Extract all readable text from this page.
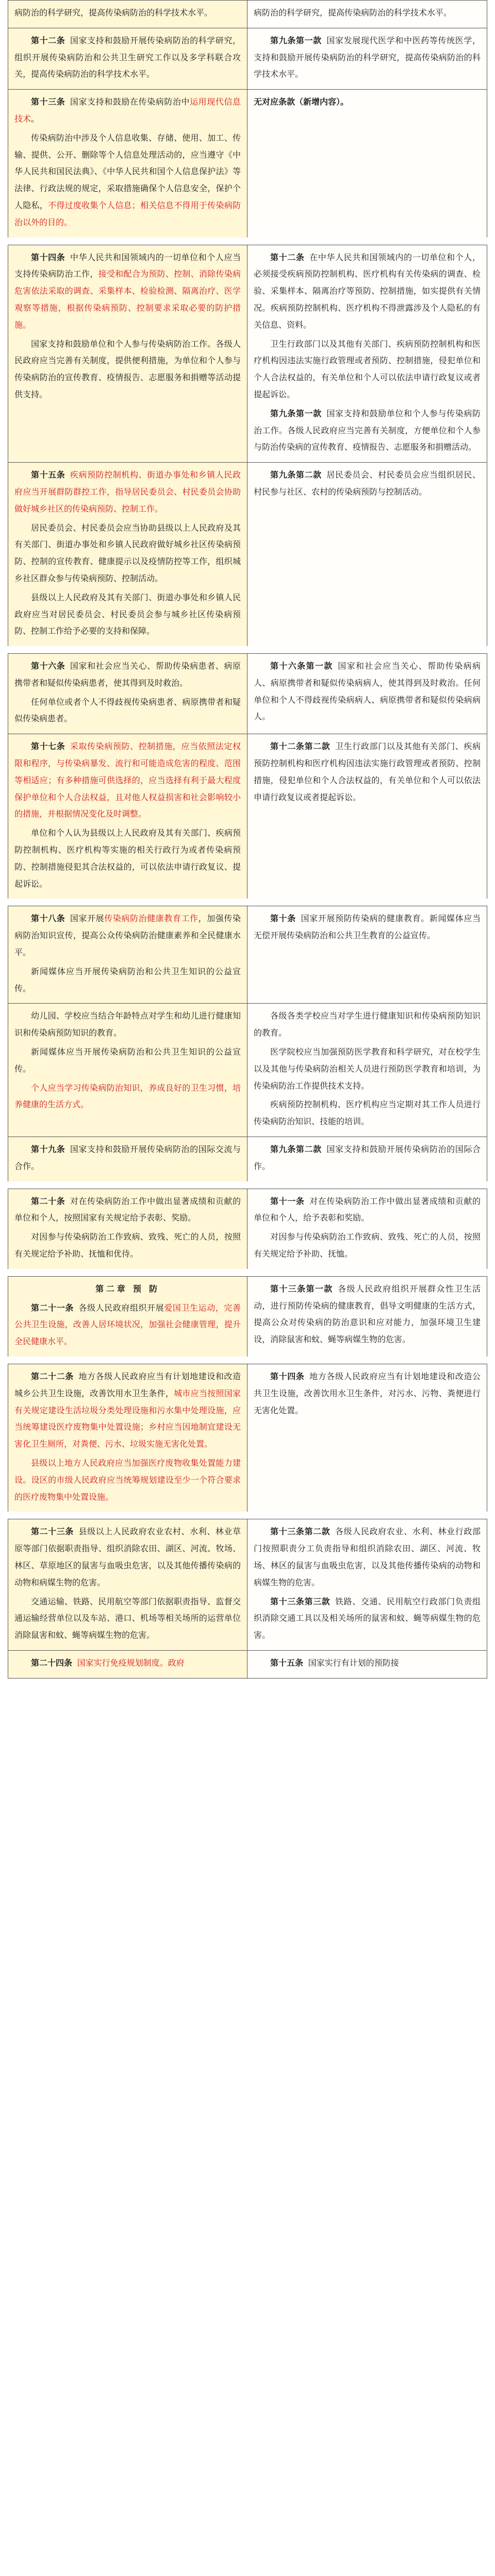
病防治的科学研究，提高传染病防治的科学技术水平。	病防治的科学研究，提高传染病防治的科学技术水平。

第十二条 国家支持和鼓励开展传染病防治的科学研究，组织开展传染病防治和公共卫生研究工作以及多学科联合攻关，提高传染病防治的科学技术水平。

第九条第一款 国家发展现代医学和中医药等传统医学，支持和鼓励开展传染病防治的科学研究，提高传染病防治的科学技术水平。

第十三条 国家支持和鼓励在传染病防治中运用现代信息技术。

传染病防治中涉及个人信息收集、存储、使用、加工、传输、提供、公开、删除等个人信息处理活动的，应当遵守《中华人民共和国民法典》、《中华人民共和国个人信息保护法》等法律、行政法规的规定，采取措施确保个人信息安全，保护个人隐私，不得过度收集个人信息；相关信息不得用于传染病防治以外的目的。

无对应条款（新增内容）。

第十四条 中华人民共和国领域内的一切单位和个人应当支持传染病防治工作，接受和配合为预防、控制、消除传染病危害依法采取的调查、采集样本、检验检测、隔离治疗、医学观察等措施，根据传染病预防、控制要求采取必要的防护措施。

国家支持和鼓励单位和个人参与传染病防治工作。各级人民政府应当完善有关制度，提供便利措施，为单位和个人参与传染病防治的宣传教育、疫情报告、志愿服务和捐赠等活动提供支持。

第十二条 在中华人民共和国领域内的一切单位和个人，必须接受疾病预防控制机构、医疗机构有关传染病的调查、检验、采集样本、隔离治疗等预防、控制措施，如实提供有关情况。疾病预防控制机构、医疗机构不得泄露涉及个人隐私的有关信息、资料。

卫生行政部门以及其他有关部门、疾病预防控制机构和医疗机构因违法实施行政管理或者预防、控制措施，侵犯单位和个人合法权益的，有关单位和个人可以依法申请行政复议或者提起诉讼。

第九条第一款 国家支持和鼓励单位和个人参与传染病防治工作。各级人民政府应当完善有关制度，方便单位和个人参与防治传染病的宣传教育、疫情报告、志愿服务和捐赠活动。

第十五条 疾病预防控制机构、街道办事处和乡镇人民政府应当开展群防群控工作，指导居民委员会、村民委员会协助做好城乡社区的传染病预防、控制工作。

居民委员会、村民委员会应当协助县级以上人民政府及其有关部门、街道办事处和乡镇人民政府做好城乡社区传染病预防、控制的宣传教育、健康提示以及疫情防控等工作，组织城乡社区群众参与传染病预防、控制活动。

县级以上人民政府及其有关部门、街道办事处和乡镇人民政府应当对居民委员会、村民委员会参与城乡社区传染病预防、控制工作给予必要的支持和保障。

第九条第二款 居民委员会、村民委员会应当组织居民、村民参与社区、农村的传染病预防与控制活动。

第十六条 国家和社会应当关心、帮助传染病患者、病原携带者和疑似传染病患者，使其得到及时救治。

任何单位或者个人不得歧视传染病患者、病原携带者和疑似传染病患者。

第十六条第一款 国家和社会应当关心、帮助传染病病人、病原携带者和疑似传染病病人，使其得到及时救治。任何单位和个人不得歧视传染病病人、病原携带者和疑似传染病病人。

第十七条 采取传染病预防、控制措施，应当依照法定权限和程序，与传染病暴发、流行和可能造成危害的程度、范围等相适应；有多种措施可供选择的，应当选择有利于最大程度保护单位和个人合法权益，且对他人权益损害和社会影响较小的措施，并根据情况变化及时调整。

单位和个人认为县级以上人民政府及其有关部门、疾病预防控制机构、医疗机构等实施的相关行政行为或者传染病预防、控制措施侵犯其合法权益的，可以依法申请行政复议、提起诉讼。

第十二条第二款 卫生行政部门以及其他有关部门、疾病预防控制机构和医疗机构因违法实施行政管理或者预防、控制措施，侵犯单位和个人合法权益的，有关单位和个人可以依法申请行政复议或者提起诉讼。

第十八条 国家开展传染病防治健康教育工作，加强传染病防治知识宣传，提高公众传染病防治健康素养和全民健康水平。

新闻媒体应当开展传染病防治和公共卫生知识的公益宣传。

第十条 国家开展预防传染病的健康教育。新闻媒体应当无偿开展传染病防治和公共卫生教育的公益宣传。

幼儿园、学校应当结合年龄特点对学生和幼儿进行健康知识和传染病预防知识的教育。

新闻媒体应当开展传染病防治和公共卫生知识的公益宣传。

个人应当学习传染病防治知识，养成良好的卫生习惯，培养健康的生活方式。

各级各类学校应当对学生进行健康知识和传染病预防知识的教育。

医学院校应当加强预防医学教育和科学研究，对在校学生以及其他与传染病防治相关人员进行预防医学教育和培训，为传染病防治工作提供技术支持。

疾病预防控制机构、医疗机构应当定期对其工作人员进行传染病防治知识、技能的培训。

第十九条 国家支持和鼓励开展传染病防治的国际交流与合作。

第九条第二款 国家支持和鼓励开展传染病防治的国际合作。

第二十条 对在传染病防治工作中做出显著成绩和贡献的单位和个人，按照国家有关规定给予表彰、奖励。

对因参与传染病防治工作致病、致残、死亡的人员，按照有关规定给予补助、抚恤和优待。

第十一条 对在传染病防治工作中做出显著成绩和贡献的单位和个人，给予表彰和奖励。

对因参与传染病防治工作致病、致残、死亡的人员，按照有关规定给予补助、抚恤。

第二章 预 防

第二十一条 各级人民政府组织开展爱国卫生运动，完善公共卫生设施，改善人居环境状况，加强社会健康管理，提升全民健康水平。

第十三条第一款 各级人民政府组织开展群众性卫生活动，进行预防传染病的健康教育，倡导文明健康的生活方式，提高公众对传染病的防治意识和应对能力，加强环境卫生建设，消除鼠害和蚊、蝇等病媒生物的危害。

第二十二条 地方各级人民政府应当有计划地建设和改造城乡公共卫生设施，改善饮用水卫生条件，城市应当按照国家有关规定建设生活垃圾分类处理设施和污水集中处理设施，应当统筹建设医疗废物集中处置设施；乡村应当因地制宜建设无害化卫生厕所，对粪便、污水、垃圾实施无害化处置。

县级以上地方人民政府应当加强医疗废物收集处置能力建设。设区的市级人民政府应当统筹规划建设至少一个符合要求的医疗废物集中处置设施。

第十四条 地方各级人民政府应当有计划地建设和改造公共卫生设施，改善饮用水卫生条件，对污水、污物、粪便进行无害化处置。

第二十三条 县级以上人民政府农业农村、水利、林业草原等部门依据职责指导、组织消除农田、湖区、河流、牧场、林区、草原地区的鼠害与血吸虫危害，以及其他传播传染病的动物和病媒生物的危害。

交通运输、铁路、民用航空等部门依据职责指导、监督交通运输经营单位以及车站、港口、机场等相关场所的运营单位消除鼠害和蚊、蝇等病媒生物的危害。

第十三条第二款 各级人民政府农业、水利、林业行政部门按照职责分工负责指导和组织消除农田、湖区、河流、牧场、林区的鼠害与血吸虫危害，以及其他传播传染病的动物和病媒生物的危害。

第十三条第三款 铁路、交通、民用航空行政部门负责组织消除交通工具以及相关场所的鼠害和蚊、蝇等病媒生物的危害。

第二十四条 国家实行免疫规划制度。政府	第十五条 国家实行有计划的预防接
